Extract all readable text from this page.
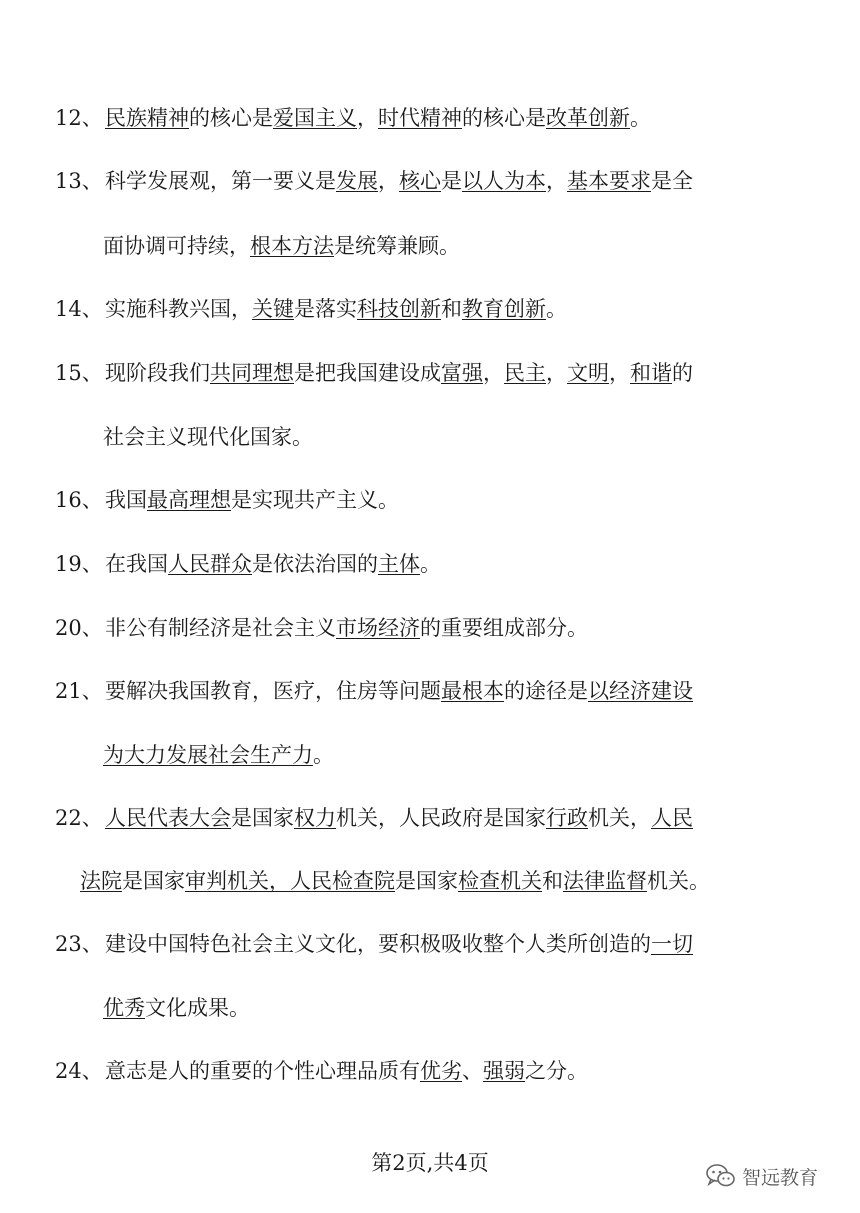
12、 民族精神的核心是爱国主义，时代精神的核心是改革创新。
13、 科学发展观，第一要义是发展，核心是以人为本，基本要求是全
面协调可持续，根本方法是统筹兼顾。
14、 实施科教兴国，关键是落实科技创新和教育创新。
15、 现阶段我们共同理想是把我国建设成富强，民主，文明，和谐的
社会主义现代化国家。
16、 我国最高理想是实现共产主义。
19、 在我国人民群众是依法治国的主体。
20、 非公有制经济是社会主义市场经济的重要组成部分。
21、 要解决我国教育，医疗，住房等问题最根本的途径是以经济建设
为大力发展社会生产力。
22、 人民代表大会是国家权力机关，人民政府是国家行政机关，人民
法院是国家审判机关，人民检查院是国家检查机关和法律监督机关。
23、 建设中国特色社会主义文化，要积极吸收整个人类所创造的一切
优秀文化成果。
24、 意志是人的重要的个性心理品质有优劣、强弱之分。
第2页,共4页
智远教育
